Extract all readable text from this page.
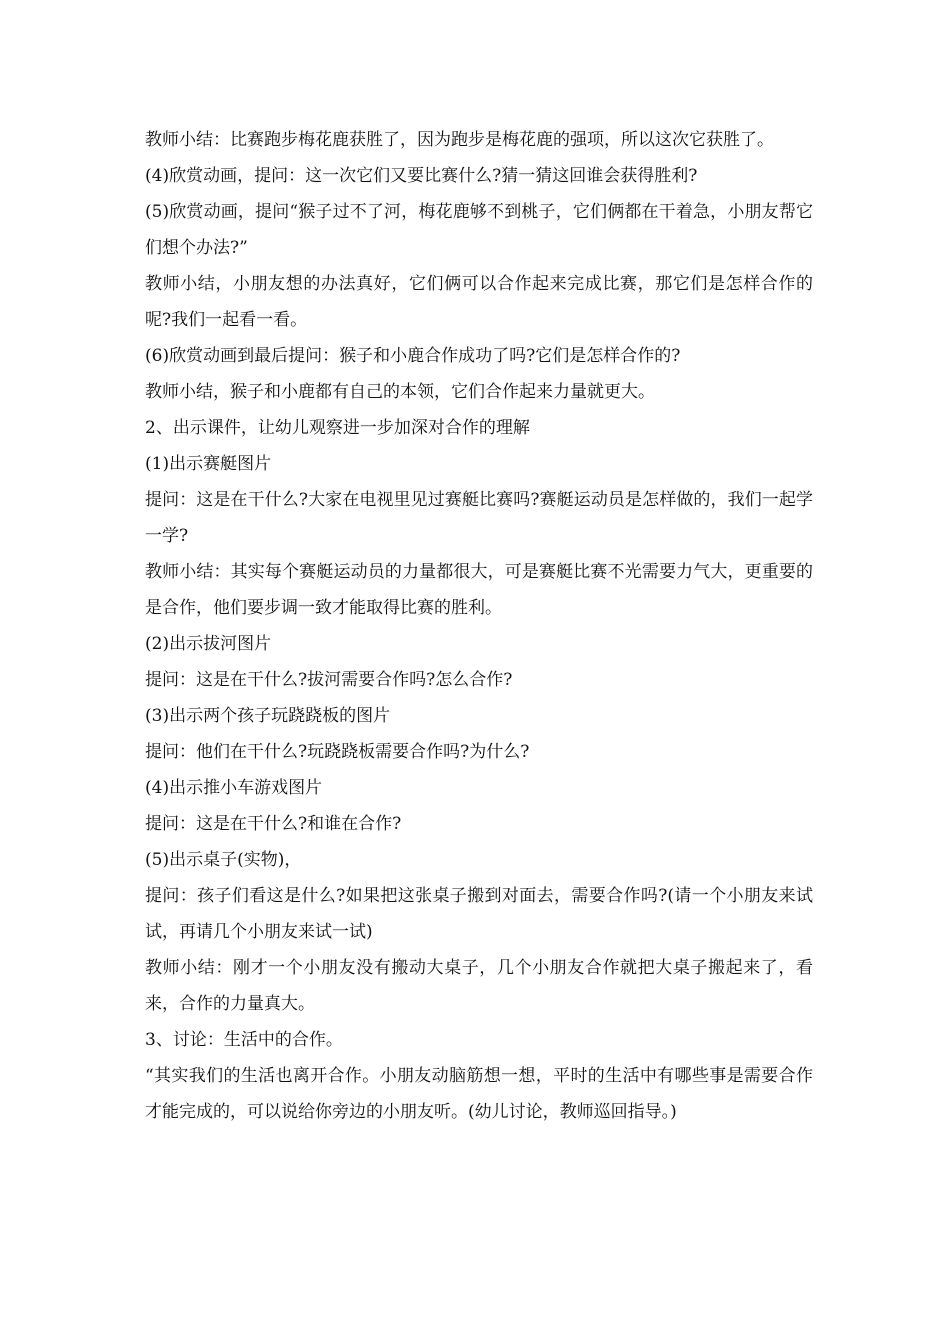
教师小结：比赛跑步梅花鹿获胜了，因为跑步是梅花鹿的强项，所以这次它获胜了。

(4)欣赏动画，提问：这一次它们又要比赛什么?猜一猜这回谁会获得胜利?

(5)欣赏动画，提问“猴子过不了河，梅花鹿够不到桃子，它们俩都在干着急，小朋友帮它们想个办法?”

教师小结，小朋友想的办法真好，它们俩可以合作起来完成比赛，那它们是怎样合作的呢?我们一起看一看。

(6)欣赏动画到最后提问：猴子和小鹿合作成功了吗?它们是怎样合作的?

教师小结，猴子和小鹿都有自己的本领，它们合作起来力量就更大。

2、出示课件，让幼儿观察进一步加深对合作的理解

(1)出示赛艇图片

提问：这是在干什么?大家在电视里见过赛艇比赛吗?赛艇运动员是怎样做的，我们一起学一学?

教师小结：其实每个赛艇运动员的力量都很大，可是赛艇比赛不光需要力气大，更重要的是合作，他们要步调一致才能取得比赛的胜利。

(2)出示拔河图片

提问：这是在干什么?拔河需要合作吗?怎么合作?

(3)出示两个孩子玩跷跷板的图片

提问：他们在干什么?玩跷跷板需要合作吗?为什么?

(4)出示推小车游戏图片

提问：这是在干什么?和谁在合作?

(5)出示桌子(实物)，

提问：孩子们看这是什么?如果把这张桌子搬到对面去，需要合作吗?(请一个小朋友来试试，再请几个小朋友来试一试)

教师小结：刚才一个小朋友没有搬动大桌子，几个小朋友合作就把大桌子搬起来了，看来，合作的力量真大。

3、讨论：生活中的合作。

“其实我们的生活也离开合作。小朋友动脑筋想一想，平时的生活中有哪些事是需要合作才能完成的，可以说给你旁边的小朋友听。(幼儿讨论，教师巡回指导。)
